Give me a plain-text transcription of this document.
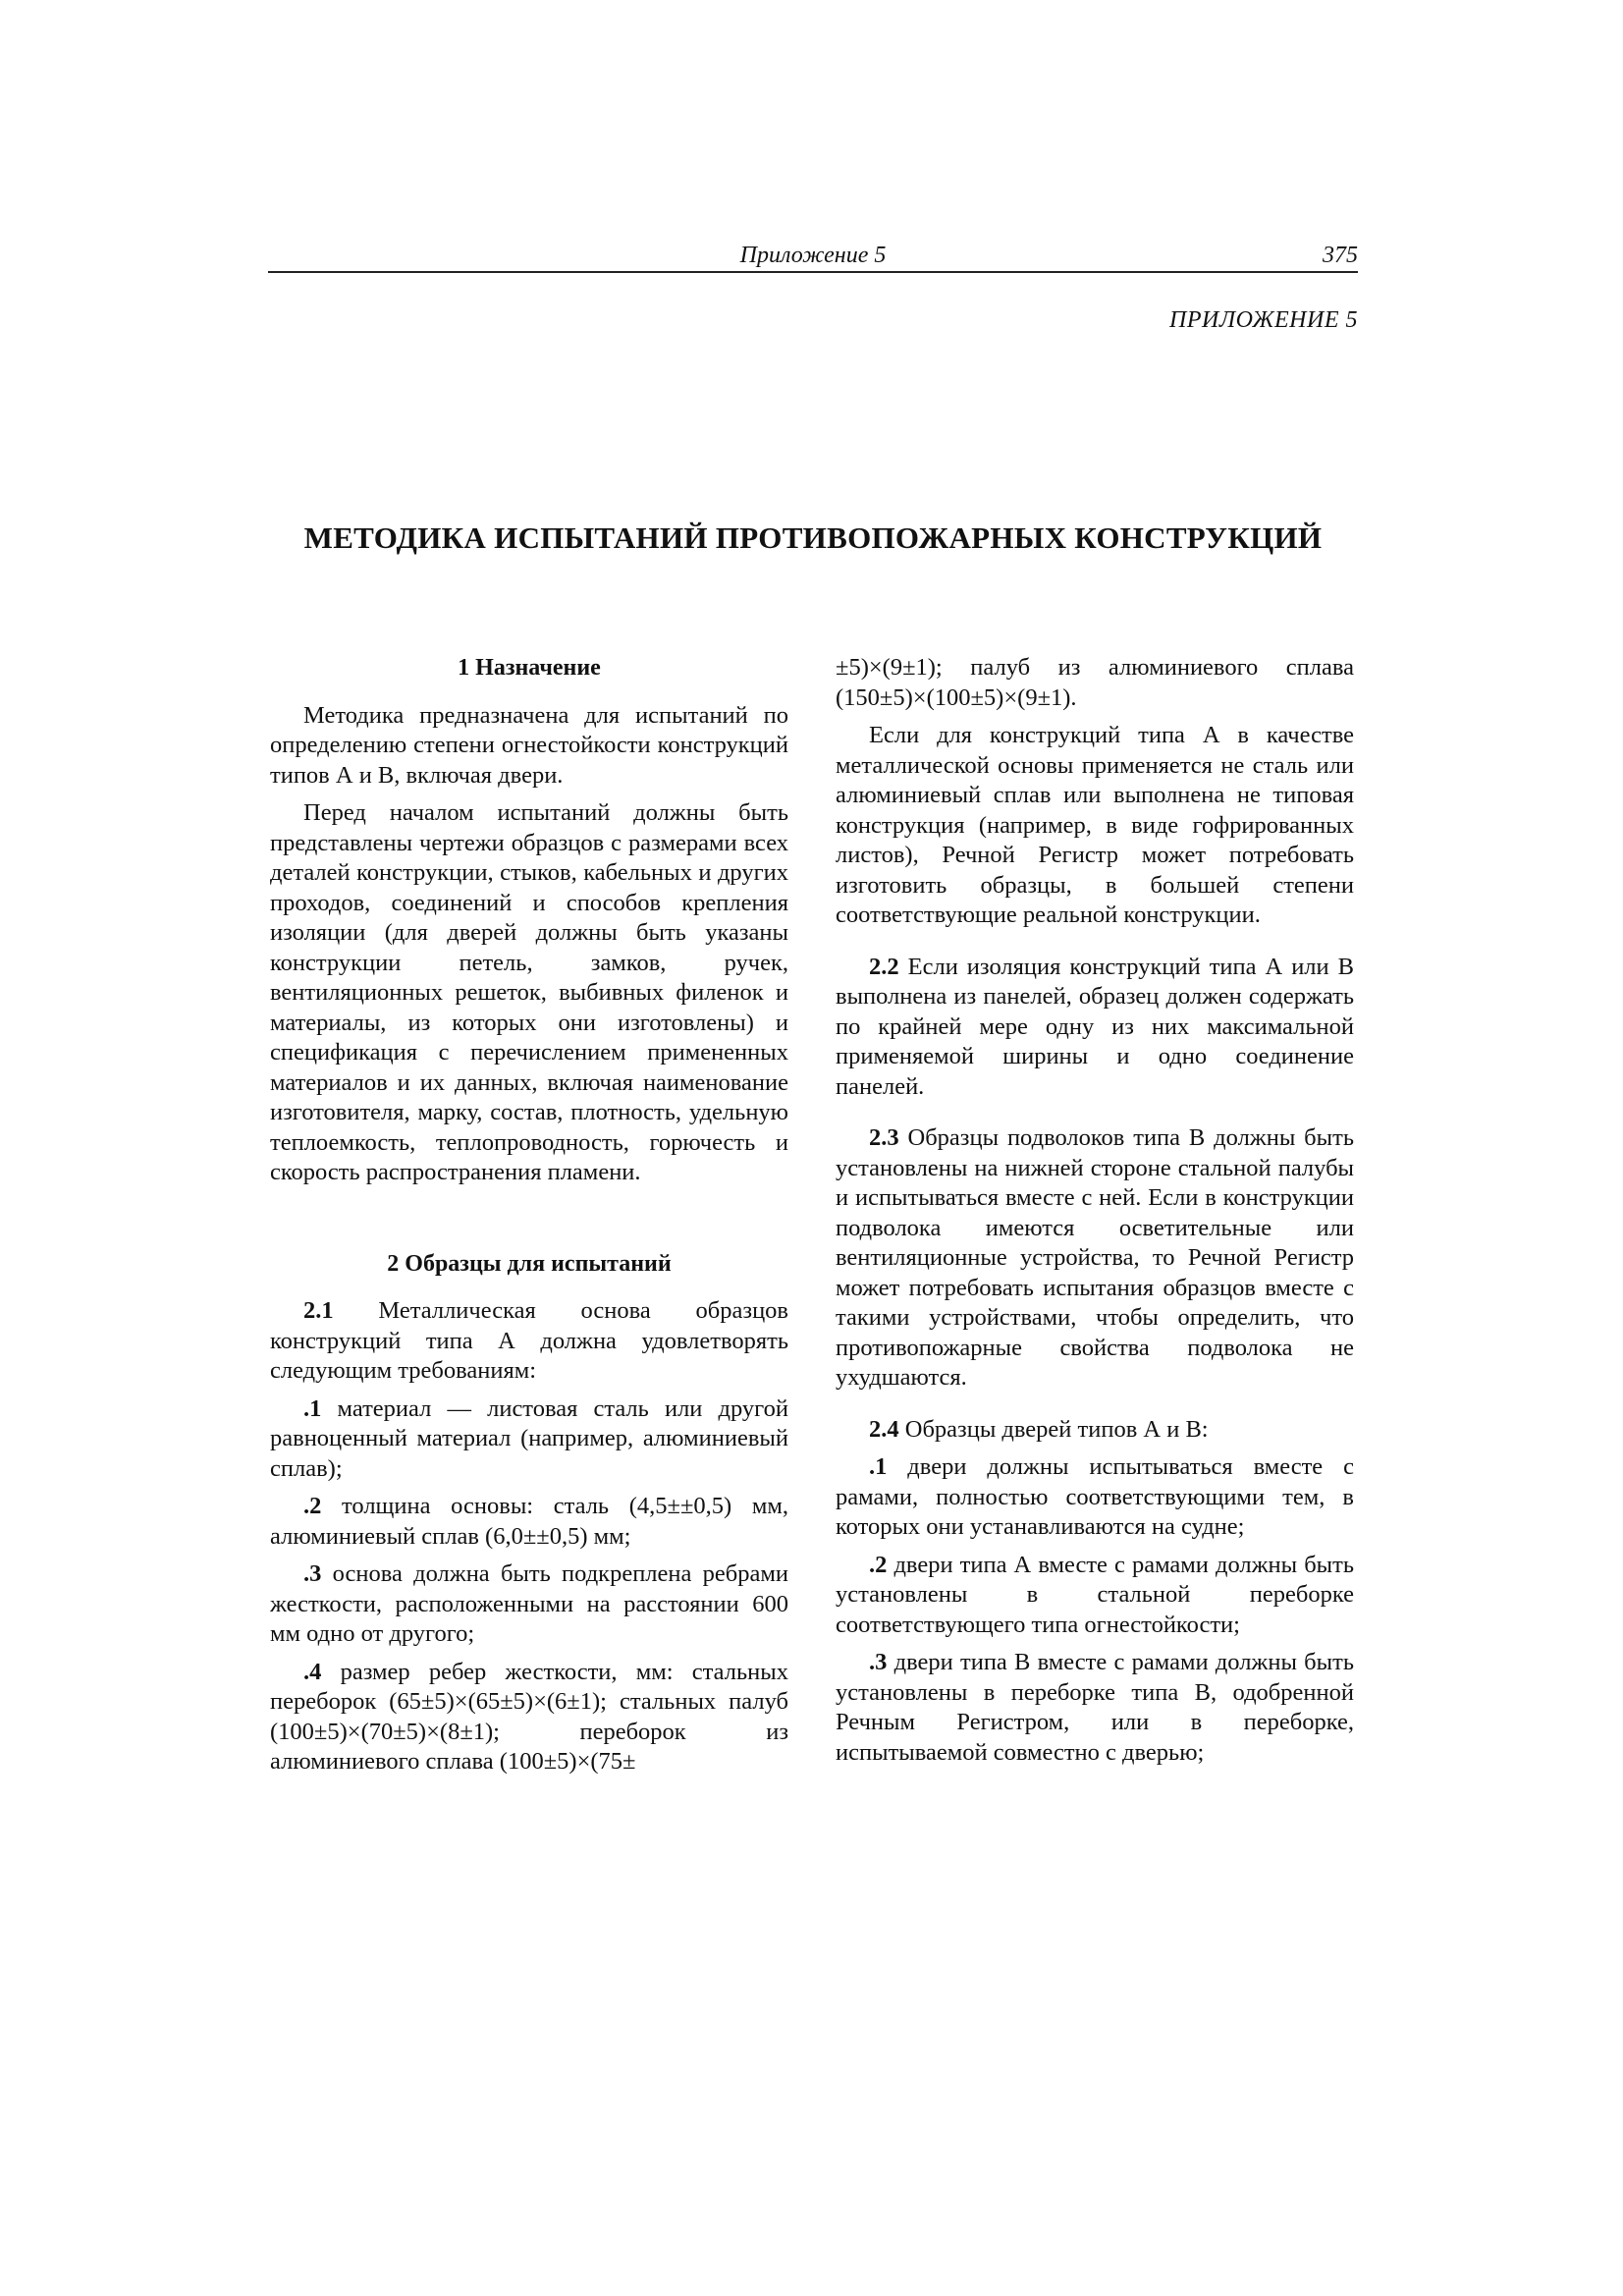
Приложение 5	375
ПРИЛОЖЕНИЕ 5
МЕТОДИКА ИСПЫТАНИЙ ПРОТИВОПОЖАРНЫХ КОНСТРУКЦИЙ
1 Назначение

Методика предназначена для испытаний по определению степени огнестойкости конструкций типов А и В, включая двери.

Перед началом испытаний должны быть представлены чертежи образцов с размерами всех деталей конструкции, стыков, кабельных и других проходов, соединений и способов крепления изоляции (для дверей должны быть указаны конструкции петель, замков, ручек, вентиляционных решеток, выбивных филенок и материалы, из которых они изготовлены) и спецификация с перечислением примененных материалов и их данных, включая наименование изготовителя, марку, состав, плотность, удельную теплоемкость, теплопроводность, горючесть и скорость распространения пламени.

2 Образцы для испытаний

2.1 Металлическая основа образцов конструкций типа А должна удовлетворять следующим требованиям:

.1 материал — листовая сталь или другой равноценный материал (например, алюминиевый сплав);

.2 толщина основы: сталь (4,5±±0,5) мм, алюминиевый сплав (6,0±±0,5) мм;

.3 основа должна быть подкреплена ребрами жесткости, расположенными на расстоянии 600 мм одно от другого;

.4 размер ребер жесткости, мм: стальных переборок (65±5)×(65±5)×(6±1); стальных палуб (100±5)×(70±5)×(8±1); переборок из алюминиевого сплава (100±5)×(75±

±5)×(9±1); палуб из алюминиевого сплава (150±5)×(100±5)×(9±1).

Если для конструкций типа А в качестве металлической основы применяется не сталь или алюминиевый сплав или выполнена не типовая конструкция (например, в виде гофрированных листов), Речной Регистр может потребовать изготовить образцы, в большей степени соответствующие реальной конструкции.

2.2 Если изоляция конструкций типа А или В выполнена из панелей, образец должен содержать по крайней мере одну из них максимальной применяемой ширины и одно соединение панелей.

2.3 Образцы подволоков типа В должны быть установлены на нижней стороне стальной палубы и испытываться вместе с ней. Если в конструкции подволока имеются осветительные или вентиляционные устройства, то Речной Регистр может потребовать испытания образцов вместе с такими устройствами, чтобы определить, что противопожарные свойства подволока не ухудшаются.

2.4 Образцы дверей типов А и В:

.1 двери должны испытываться вместе с рамами, полностью соответствующими тем, в которых они устанавливаются на судне;

.2 двери типа А вместе с рамами должны быть установлены в стальной переборке соответствующего типа огнестойкости;

.3 двери типа В вместе с рамами должны быть установлены в переборке типа В, одобренной Речным Регистром, или в переборке, испытываемой совместно с дверью;
